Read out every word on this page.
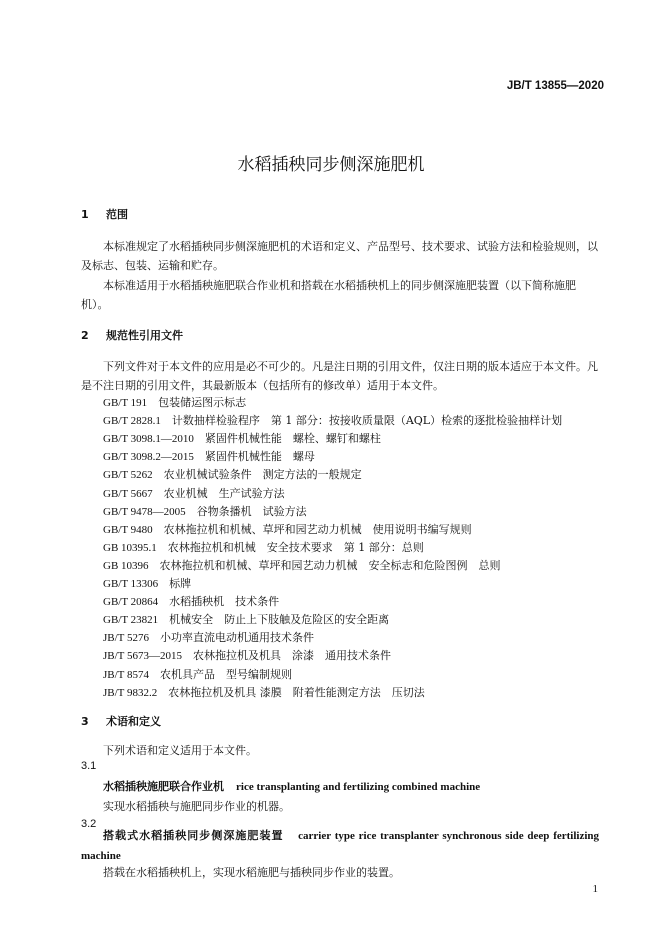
JB/T 13855—2020
水稻插秧同步侧深施肥机
1 范围
本标准规定了水稻插秧同步侧深施肥机的术语和定义、产品型号、技术要求、试验方法和检验规则，以及标志、包装、运输和贮存。
本标准适用于水稻插秧施肥联合作业机和搭载在水稻插秧机上的同步侧深施肥装置（以下简称施肥机）。
2 规范性引用文件
下列文件对于本文件的应用是必不可少的。凡是注日期的引用文件，仅注日期的版本适应于本文件。凡是不注日期的引用文件，其最新版本（包括所有的修改单）适用于本文件。
GB/T 191 包装储运图示标志
GB/T 2828.1 计数抽样检验程序　第 1 部分：按接收质量限（AQL）检索的逐批检验抽样计划
GB/T 3098.1—2010 紧固件机械性能　螺栓、螺钉和螺柱
GB/T 3098.2—2015 紧固件机械性能　螺母
GB/T 5262 农业机械试验条件　测定方法的一般规定
GB/T 5667 农业机械　生产试验方法
GB/T 9478—2005 谷物条播机　试验方法
GB/T 9480 农林拖拉机和机械、草坪和园艺动力机械　使用说明书编写规则
GB 10395.1 农林拖拉机和机械　安全技术要求　第 1 部分：总则
GB 10396 农林拖拉机和机械、草坪和园艺动力机械　安全标志和危险图例　总则
GB/T 13306 标牌
GB/T 20864 水稻插秧机　技术条件
GB/T 23821 机械安全　防止上下肢触及危险区的安全距离
JB/T 5276 小功率直流电动机通用技术条件
JB/T 5673—2015 农林拖拉机及机具　涂漆　通用技术条件
JB/T 8574 农机具产品　型号编制规则
JB/T 9832.2 农林拖拉机及机具 漆膜　附着性能测定方法　压切法
3 术语和定义
下列术语和定义适用于本文件。
3.1
水稻插秧施肥联合作业机 rice transplanting and fertilizing combined machine
实现水稻插秧与施肥同步作业的机器。
3.2
搭载式水稻插秧同步侧深施肥装置 carrier type rice transplanter synchronous side deep fertilizing machine
搭载在水稻插秧机上，实现水稻施肥与插秧同步作业的装置。
1
